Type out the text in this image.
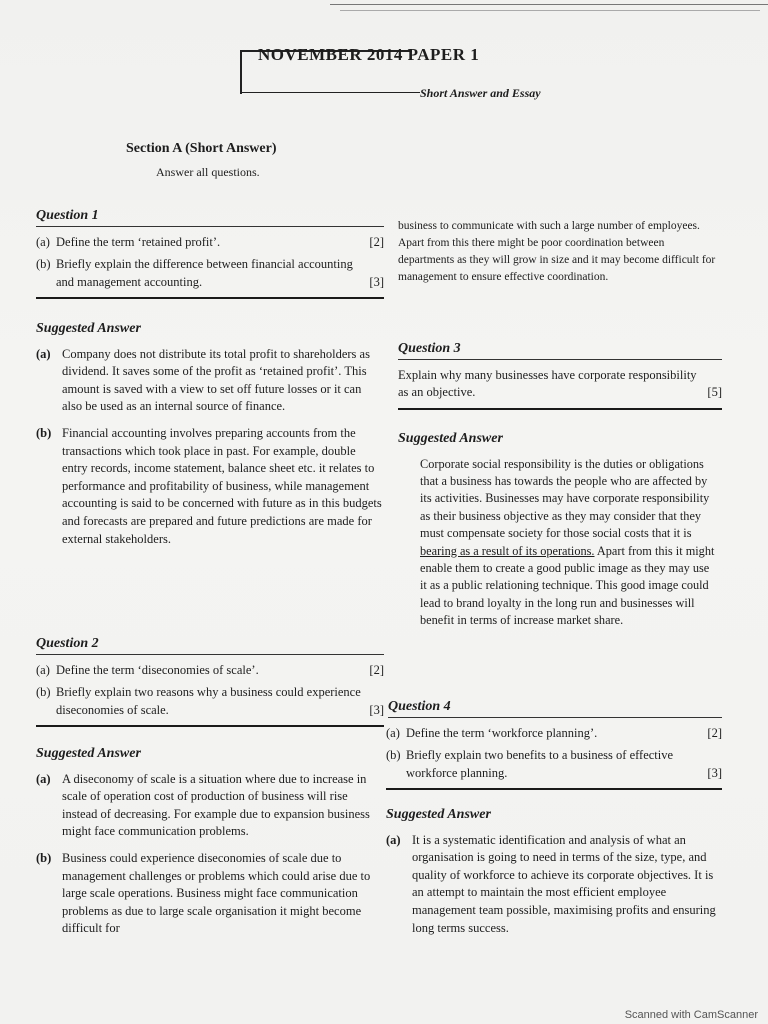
NOVEMBER 2014 PAPER 1
Short Answer and Essay
Section A (Short Answer)
Answer all questions.
Question 1
(a) Define the term ‘retained profit’.	[2]
(b) Briefly explain the difference between financial accounting and management accounting.	[3]
Suggested Answer
(a) Company does not distribute its total profit to shareholders as dividend. It saves some of the profit as ‘retained profit’. This amount is saved with a view to set off future losses or it can also be used as an internal source of finance.
(b) Financial accounting involves preparing accounts from the transactions which took place in past. For example, double entry records, income statement, balance sheet etc. it relates to performance and profitability of business, while management accounting is said to be concerned with future as in this budgets and forecasts are prepared and future predictions are made for external stakeholders.
Question 2
(a) Define the term ‘diseconomies of scale’.	[2]
(b) Briefly explain two reasons why a business could experience diseconomies of scale.	[3]
Suggested Answer
(a) A diseconomy of scale is a situation where due to increase in scale of operation cost of production of business will rise instead of decreasing. For example due to expansion business might face communication problems.
(b) Business could experience diseconomies of scale due to management challenges or problems which could arise due to large scale operations. Business might face communication problems as due to large scale organisation it might become difficult for

business to communicate with such a large number of employees. Apart from this there might be poor coordination between departments as they will grow in size and it may become difficult for management to ensure effective coordination.

Question 3
Explain why many businesses have corporate responsibility as an objective.	[5]
Suggested Answer

Corporate social responsibility is the duties or obligations that a business has towards the people who are affected by its activities. Businesses may have corporate responsibility as their business objective as they may consider that they must compensate society for those social costs that it is bearing as a result of its operations. Apart from this it might enable them to create a good public image as they may use it as a public relationing technique. This good image could lead to brand loyalty in the long run and businesses will benefit in terms of increase market share.

Question 4
(a) Define the term ‘workforce planning’.	[2]
(b) Briefly explain two benefits to a business of effective workforce planning.	[3]
Suggested Answer
(a) It is a systematic identification and analysis of what an organisation is going to need in terms of the size, type, and quality of workforce to achieve its corporate objectives. It is an attempt to maintain the most efficient employee management team possible, maximising profits and ensuring long terms success.
Scanned with CamScanner
